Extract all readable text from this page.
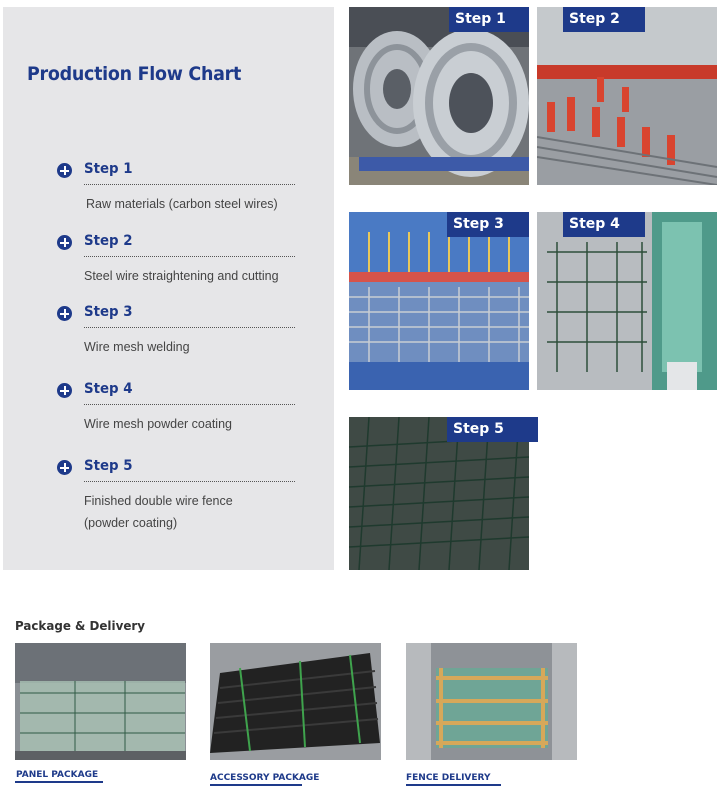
Production Flow Chart
Step 1
Raw materials (carbon steel wires)
Step 2
Steel wire straightening and cutting
Step 3
Wire mesh welding
Step 4
Wire mesh powder coating
Step 5
Finished double wire fence
(powder coating)
Step 1	Step 2
Step 3	Step 4
Step 5
Package & Delivery
PANEL PACKAGE	ACCESSORY PACKAGE	FENCE DELIVERY
